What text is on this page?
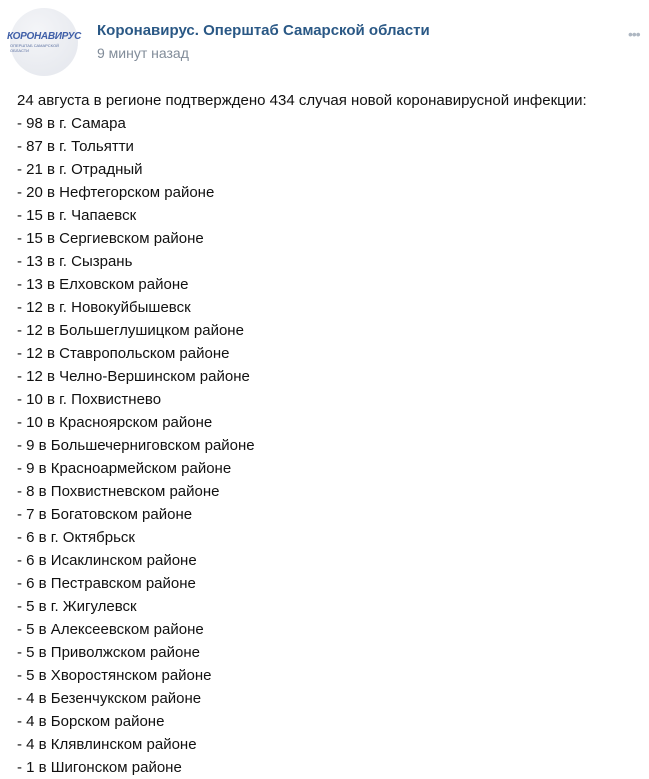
КОРОНАВИРУС
ОПЕРШТАБ САМАРСКОЙ ОБЛАСТИ
Коронавирус. Оперштаб Самарской области
9 минут назад
•••
24 августа в регионе подтверждено 434 случая новой коронавирусной инфекции:
- 98 в г. Самара
- 87 в г. Тольятти
- 21 в г. Отрадный
- 20 в Нефтегорском районе
- 15 в г. Чапаевск
- 15 в Сергиевском районе
- 13 в г. Сызрань
- 13 в Елховском районе
- 12 в г. Новокуйбышевск
- 12 в Большеглушицком районе
- 12 в Ставропольском районе
- 12 в Челно-Вершинском районе
- 10 в г. Похвистнево
- 10 в Красноярском районе
- 9 в Большечерниговском районе
- 9 в Красноармейском районе
- 8 в Похвистневском районе
- 7 в Богатовском районе
- 6 в г. Октябрьск
- 6 в Исаклинском районе
- 6 в Пестравском районе
- 5 в г. Жигулевск
- 5 в Алексеевском районе
- 5 в Приволжском районе
- 5 в Хворостянском районе
- 4 в Безенчукском районе
- 4 в Борском районе
- 4 в Клявлинском районе
- 1 в Шигонском районе
